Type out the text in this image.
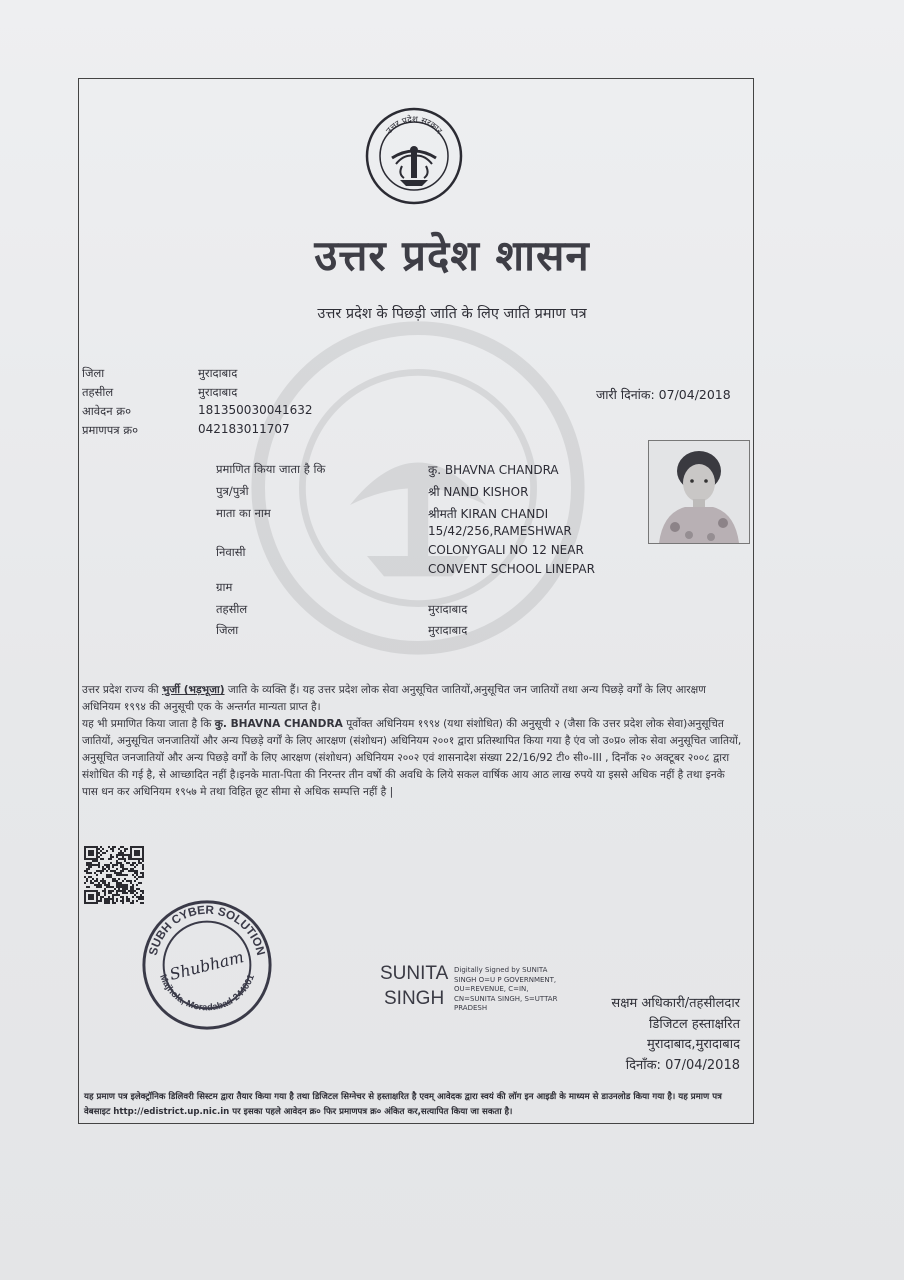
उत्तर प्रदेश सरकार
उत्तर प्रदेश शासन
उत्तर प्रदेश के पिछड़ी जाति के लिए जाति प्रमाण पत्र
जिला	मुरादाबाद
तहसील	मुरादाबाद
आवेदन क्र०	181350030041632
प्रमाणपत्र क्र०	042183011707
जारी दिनांक: 07/04/2018
प्रमाणित किया जाता है कि	कु. BHAVNA CHANDRA
पुत्र/पुत्री	श्री NAND KISHOR
माता का नाम	श्रीमती KIRAN CHANDI
15/42/256,RAMESHWAR
निवासी	COLONYGALI NO 12 NEAR
CONVENT SCHOOL LINEPAR
ग्राम
तहसील	मुरादाबाद
जिला	मुरादाबाद

उत्तर प्रदेश राज्य की भुर्जी (भड़भूजा) जाति के व्यक्ति हैं। यह उत्तर प्रदेश लोक सेवा अनुसूचित जातियों,अनुसूचित जन जातियों तथा अन्य पिछड़े वर्गों के लिए आरक्षण अधिनियम १९९४ की अनुसूची एक के अन्तर्गत मान्यता प्राप्त है।

यह भी प्रमाणित किया जाता है कि कु. BHAVNA CHANDRA पूर्वोक्त अधिनियम १९९४ (यथा संशोधित) की अनुसूची २ (जैसा कि उत्तर प्रदेश लोक सेवा)अनुसूचित जातियों, अनुसूचित जनजातियों और अन्य पिछड़े वर्गों के लिए आरक्षण (संशोधन) अधिनियम २००१ द्वारा प्रतिस्थापित किया गया है एंव जो उ०प्र० लोक सेवा अनुसूचित जातियों, अनुसूचित जनजातियों और अन्य पिछड़े वर्गों के लिए आरक्षण (संशोधन) अधिनियम २००२ एवं शासनादेश संख्या 22/16/92 टी० सी०-III , दिनाँक २० अक्टूबर २००८ द्वारा संशोधित की गई है, से आच्छादित नहीं है।इनके माता-पिता की निरन्तर तीन वर्षो की अवधि के लिये सकल वार्षिक आय आठ लाख रुपये या इससे अधिक नहीं है तथा इनके पास धन कर अधिनियम १९५७ मे तथा विहित छूट सीमा से अधिक सम्पत्ति नहीं है |

SUBH CYBER SOLUTION
Majhola, Moradabad-244001
Shubham	SUNITA
SINGH
Digitally Signed by SUNITA SINGH O=U P GOVERNMENT, OU=REVENUE, C=IN, CN=SUNITA SINGH, S=UTTAR PRADESH	सक्षम अधिकारी/तहसीलदार
डिजिटल हस्ताक्षरित
मुरादाबाद,मुरादाबाद
दिनाँक: 07/04/2018

यह प्रमाण पत्र इलेक्ट्रॉनिक डिलिवरी सिस्टम द्वारा तैयार किया गया है तथा डिजिटल सिग्नेचर से हस्ताक्षरित है एवम् आवेदक द्वारा स्वयं की लॉग इन आइडी के माध्यम से डाउनलोड किया गया है। यह प्रमाण पत्र वेबसाइट http://edistrict.up.nic.in पर इसका पहले आवेदन क्र० फिर प्रमाणपत्र क्र० अंकित कर,सत्यापित किया जा सकता है।
